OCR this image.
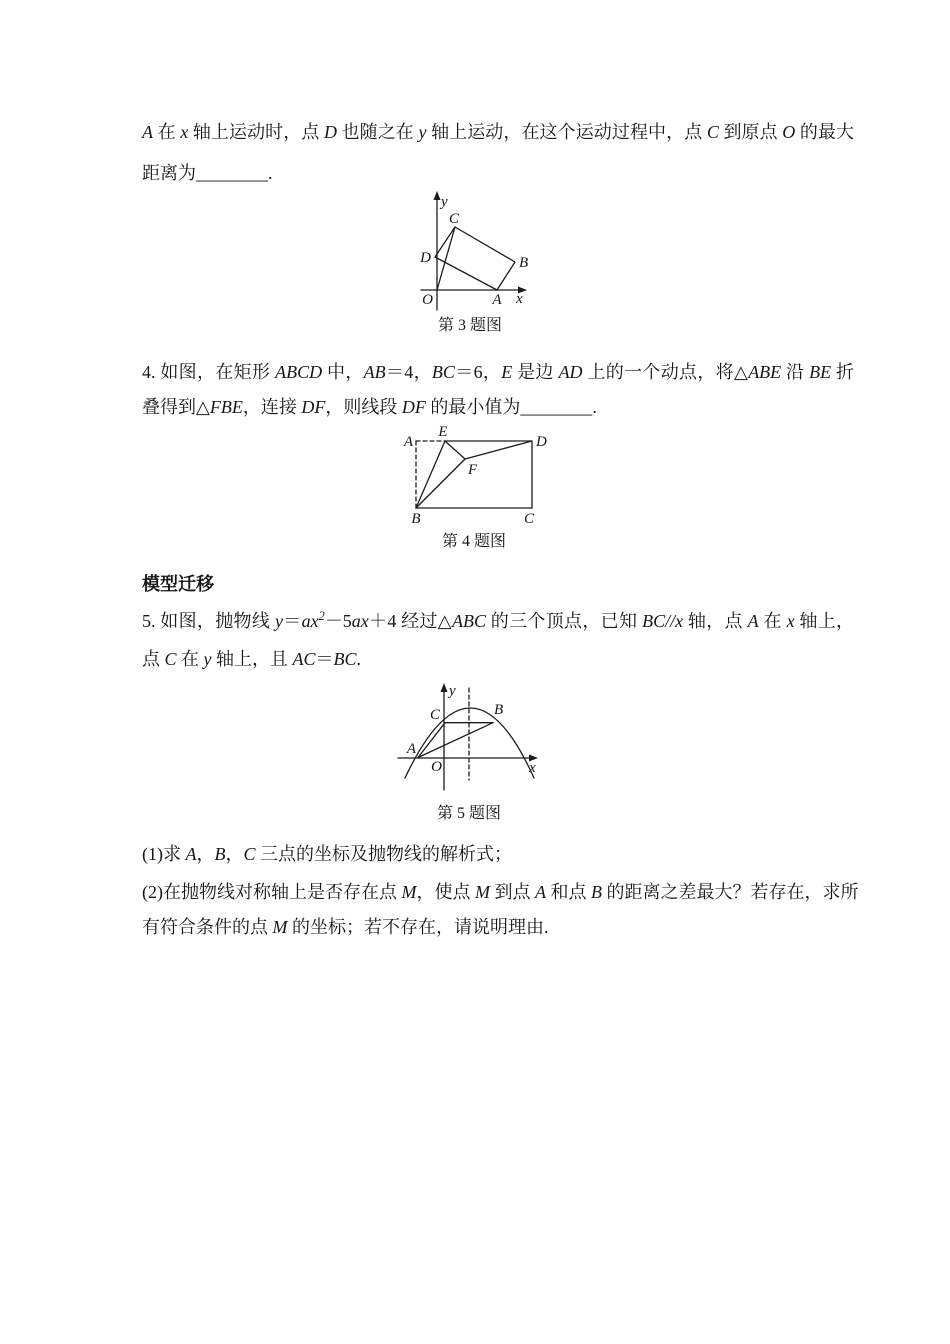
A 在 x 轴上运动时，点 D 也随之在 y 轴上运动，在这个运动过程中，点 C 到原点 O 的最大
距离为________.
y
x
O
C
D	B
A
第 3 题图
4. 如图，在矩形 ABCD 中，AB＝4，BC＝6，E 是边 AD 上的一个动点，将△ABE 沿 BE 折
叠得到△FBE，连接 DF，则线段 DF 的最小值为________.
A
E
D
F
B	C
第 4 题图
模型迁移
5. 如图，抛物线 $y=ax^2-5ax+4$ 经过△ABC 的三个顶点，已知 BC//x 轴，点 A 在 x 轴上，
点 C 在 y 轴上，且 AC＝BC.
y
x
O
A
C	B
第 5 题图
(1)求 A，B，C 三点的坐标及抛物线的解析式；
(2)在抛物线对称轴上是否存在点 M，使点 M 到点 A 和点 B 的距离之差最大？若存在，求所
有符合条件的点 M 的坐标；若不存在，请说明理由.
